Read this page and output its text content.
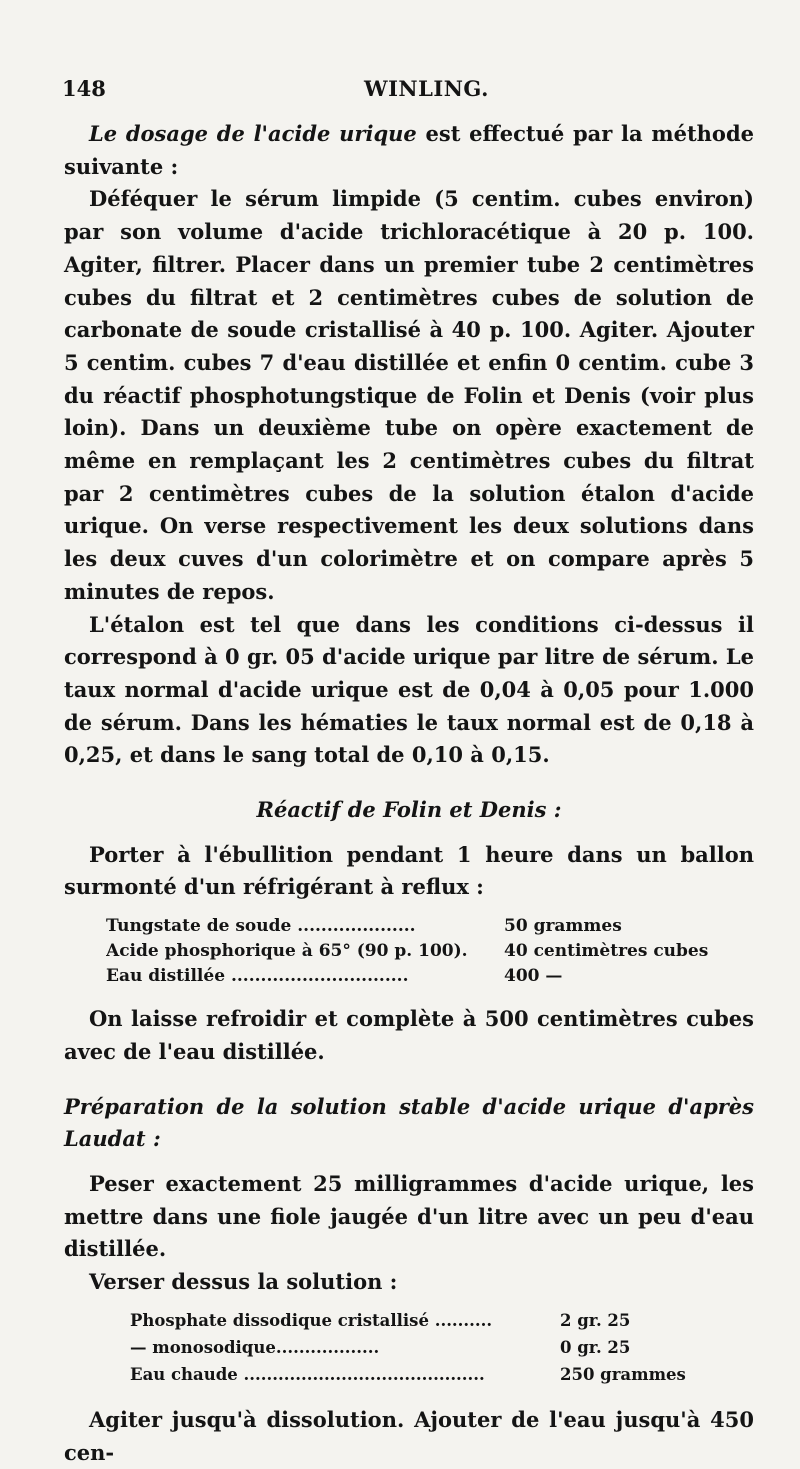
148	WINLING.

Le dosage de l'acide urique est effectué par la méthode suivante :

Déféquer le sérum limpide (5 centim. cubes environ) par son volume d'acide trichloracétique à 20 p. 100. Agiter, filtrer. Placer dans un premier tube 2 centimètres cubes du filtrat et 2 centimètres cubes de solution de carbonate de soude cristallisé à 40 p. 100. Agiter. Ajouter 5 centim. cubes 7 d'eau distillée et enfin 0 centim. cube 3 du réactif phosphotungstique de Folin et Denis (voir plus loin). Dans un deuxième tube on opère exactement de même en remplaçant les 2 centimètres cubes du filtrat par 2 centimètres cubes de la solution étalon d'acide urique. On verse respectivement les deux solutions dans les deux cuves d'un colorimètre et on compare après 5 minutes de repos.

L'étalon est tel que dans les conditions ci-dessus il correspond à 0 gr. 05 d'acide urique par litre de sérum. Le taux normal d'acide urique est de 0,04 à 0,05 pour 1.000 de sérum. Dans les hématies le taux normal est de 0,18 à 0,25, et dans le sang total de 0,10 à 0,15.

Réactif de Folin et Denis :

Porter à l'ébullition pendant 1 heure dans un ballon surmonté d'un réfrigérant à reflux :

Tungstate de soude ....................	50 grammes
Acide phosphorique à 65° (90 p. 100).	40 centimètres cubes
Eau distillée ..............................	400 —

On laisse refroidir et complète à 500 centimètres cubes avec de l'eau distillée.

Préparation de la solution stable d'acide urique d'après Laudat :

Peser exactement 25 milligrammes d'acide urique, les mettre dans une fiole jaugée d'un litre avec un peu d'eau distillée.

Verser dessus la solution :

Phosphate dissodique cristallisé ..........	2 gr. 25
— monosodique..................	0 gr. 25
Eau chaude ..........................................	250 grammes

Agiter jusqu'à dissolution. Ajouter de l'eau jusqu'à 450 cen-
